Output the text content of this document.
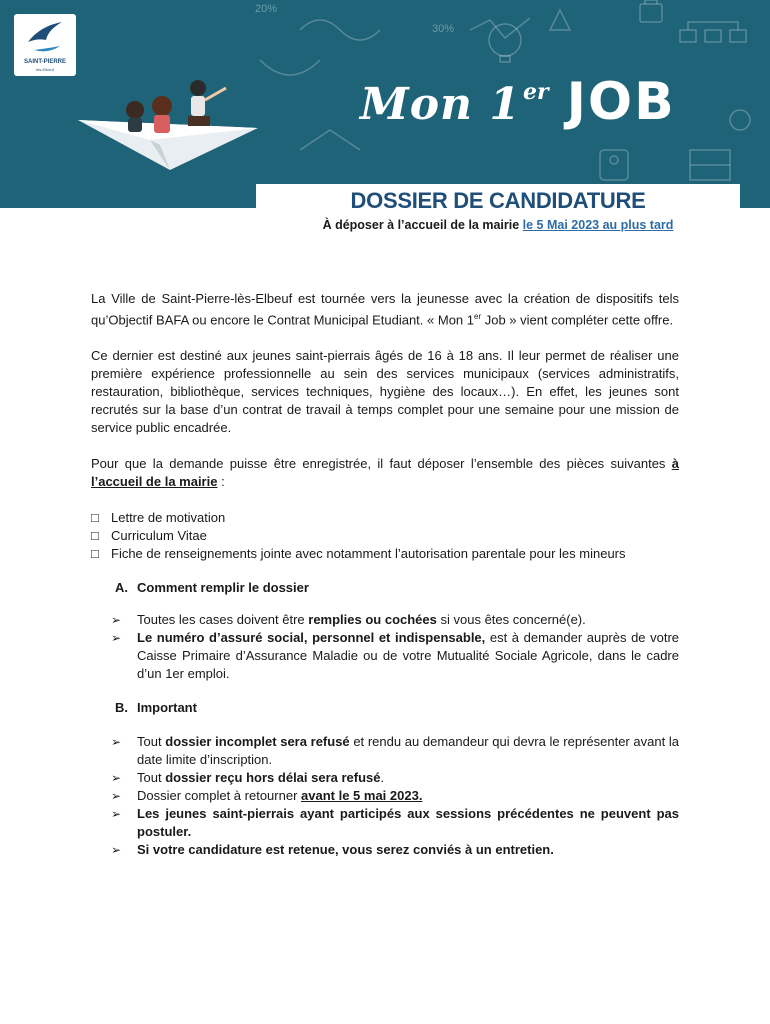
20%
30%
SAINT-PIERRE
lès-Elbeuf
Mon 1er JOB
DOSSIER DE CANDIDATURE
À déposer à l’accueil de la mairie le 5 Mai 2023 au plus tard

La Ville de Saint-Pierre-lès-Elbeuf est tournée vers la jeunesse avec la création de dispositifs tels qu’Objectif BAFA ou encore le Contrat Municipal Etudiant. « Mon 1er Job » vient compléter cette offre.

Ce dernier est destiné aux jeunes saint-pierrais âgés de 16 à 18 ans. Il leur permet de réaliser une première expérience professionnelle au sein des services municipaux (services administratifs, restauration, bibliothèque, services techniques, hygiène des locaux…). En effet, les jeunes sont recrutés sur la base d’un contrat de travail à temps complet pour une semaine pour une mission de service public encadrée.

Pour que la demande puisse être enregistrée, il faut déposer l’ensemble des pièces suivantes à l’accueil de la mairie :

□ Lettre de motivation
□ Curriculum Vitae
□ Fiche de renseignements jointe avec notamment l’autorisation parentale pour les mineurs
A. Comment remplir le dossier
➢ Toutes les cases doivent être remplies ou cochées si vous êtes concerné(e).
➢ Le numéro d’assuré social, personnel et indispensable, est à demander auprès de votre Caisse Primaire d’Assurance Maladie ou de votre Mutualité Sociale Agricole, dans le cadre d’un 1er emploi.
B. Important
➢ Tout dossier incomplet sera refusé et rendu au demandeur qui devra le représenter avant la date limite d’inscription.
➢ Tout dossier reçu hors délai sera refusé.
➢ Dossier complet à retourner avant le 5 mai 2023.
➢ Les jeunes saint-pierrais ayant participés aux sessions précédentes ne peuvent pas postuler.
➢ Si votre candidature est retenue, vous serez conviés à un entretien.
